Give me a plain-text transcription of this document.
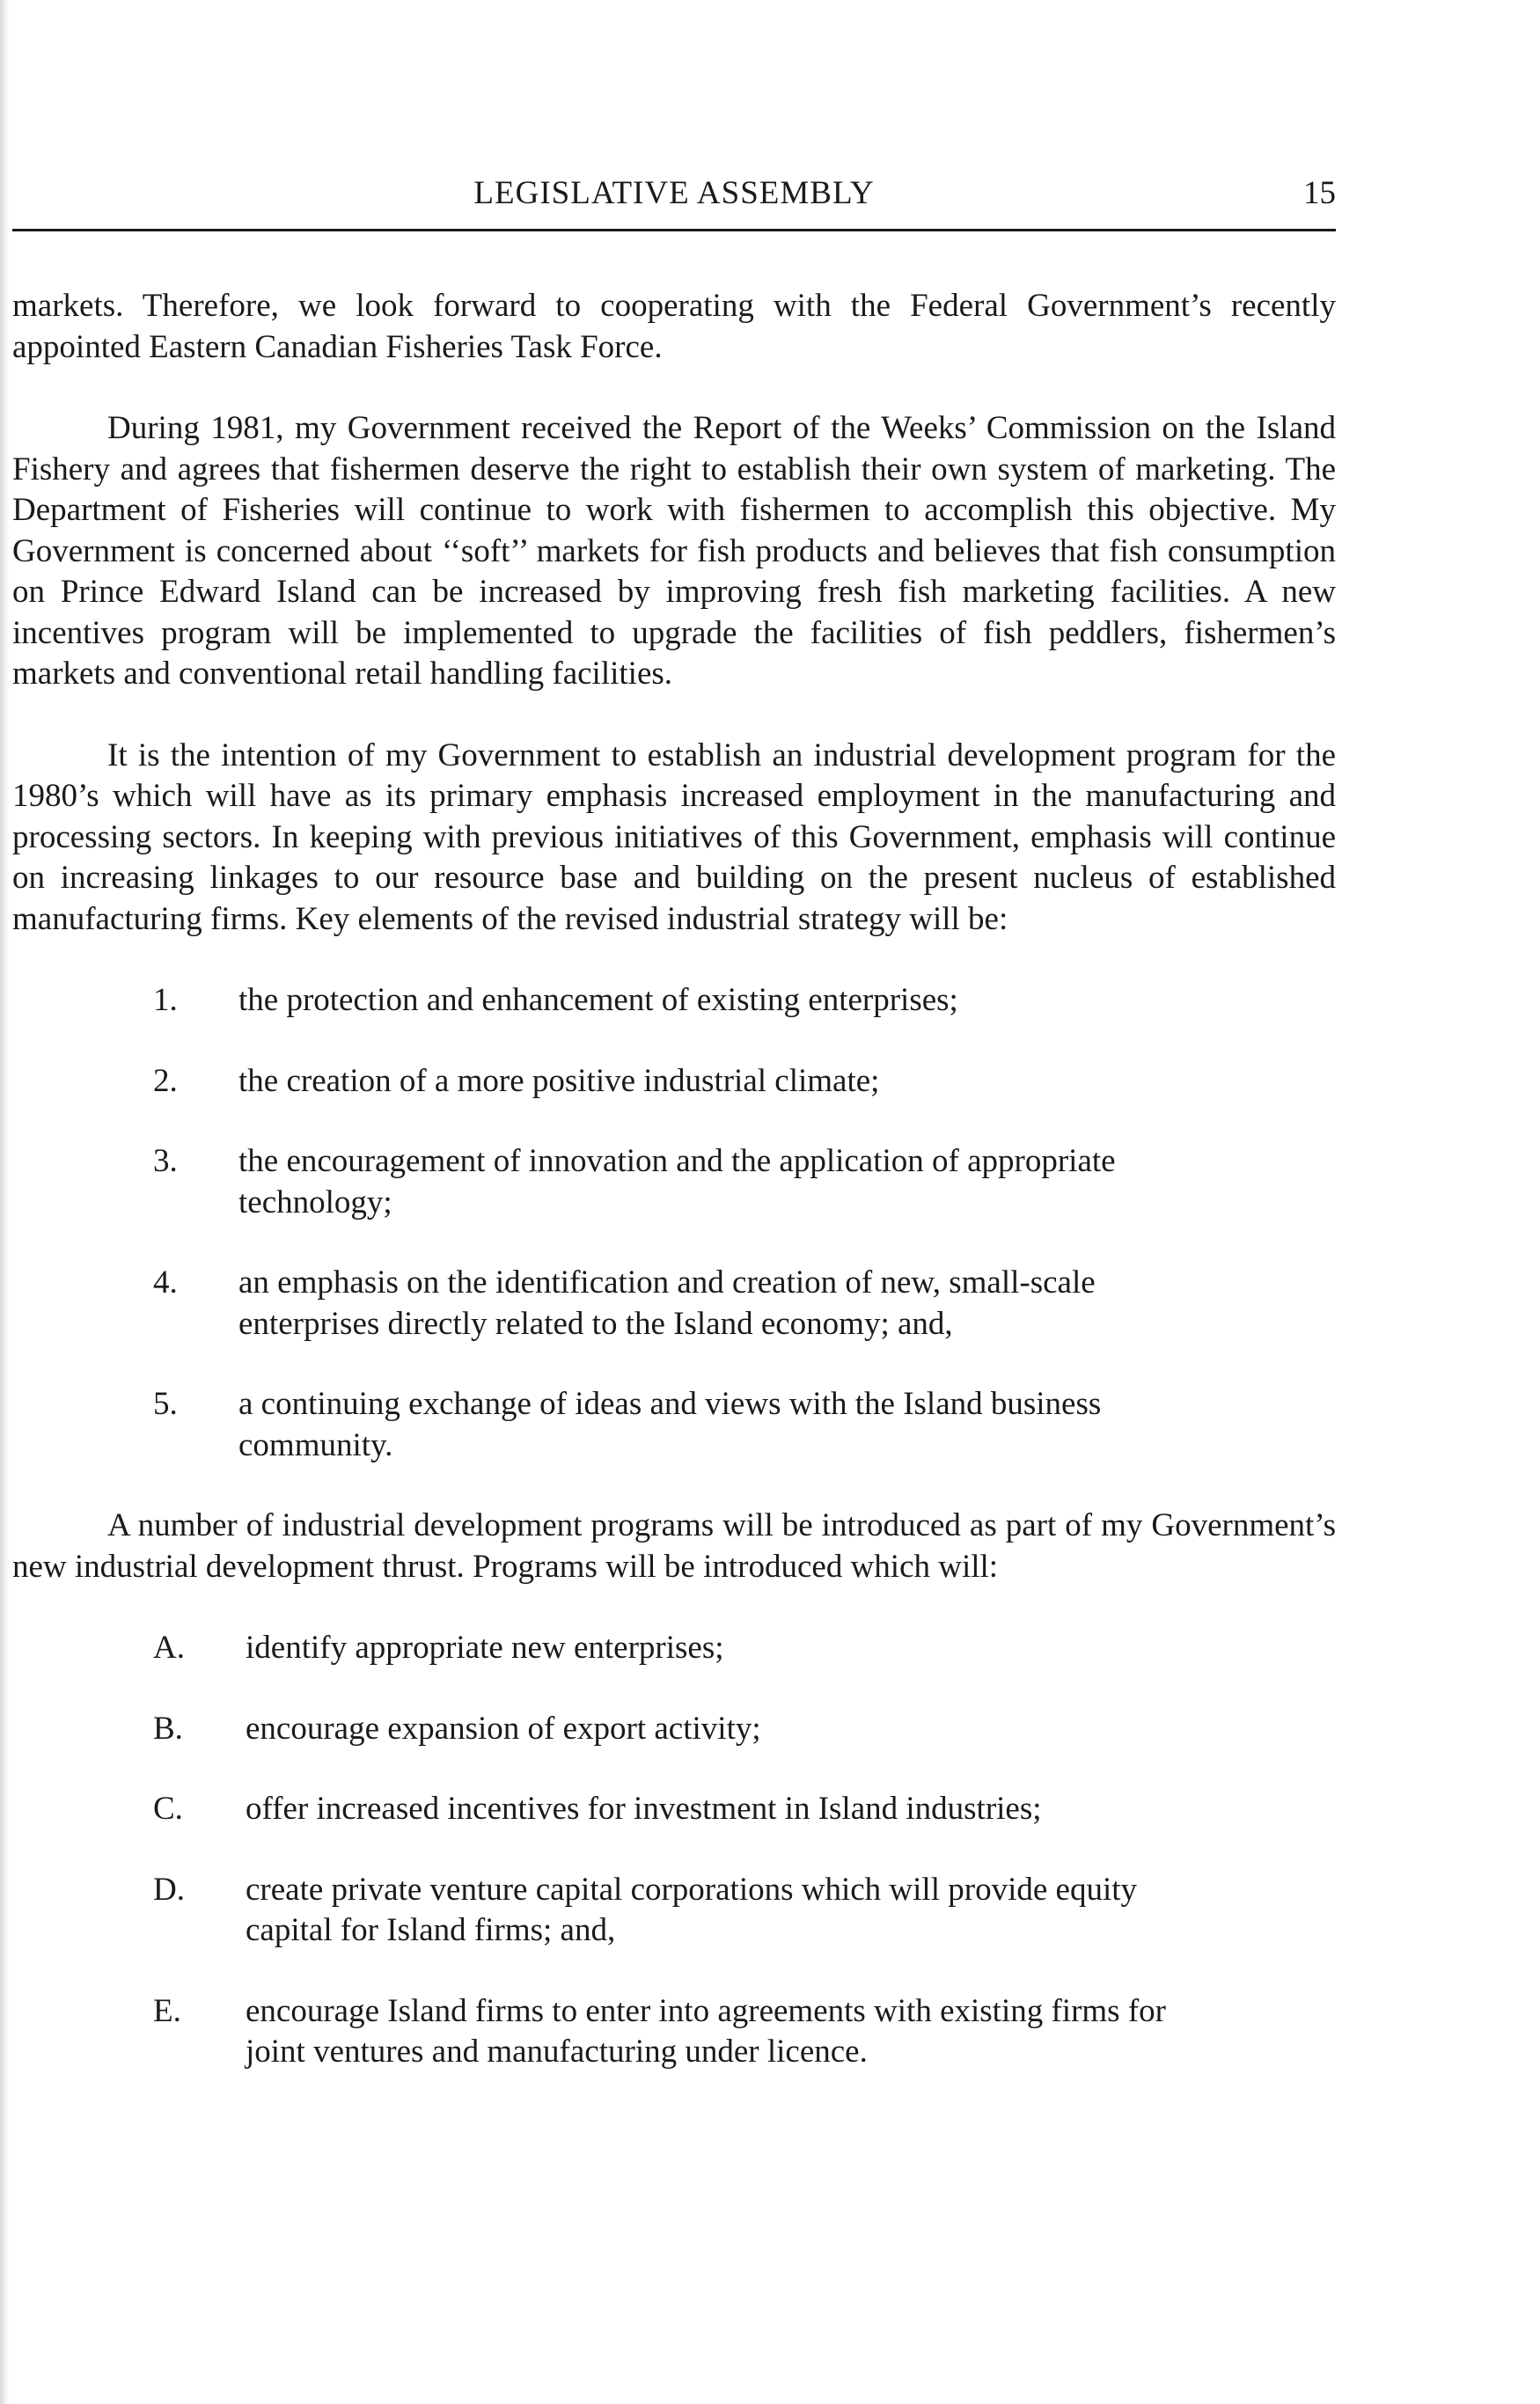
LEGISLATIVE ASSEMBLY	15

markets. Therefore, we look forward to cooperating with the Federal Government’s recently appointed Eastern Canadian Fisheries Task Force.

During 1981, my Government received the Report of the Weeks’ Commission on the Island Fishery and agrees that fishermen deserve the right to establish their own system of marketing. The Department of Fisheries will continue to work with fishermen to accomplish this objective. My Government is concerned about ‘‘soft’’ markets for fish products and believes that fish consumption on Prince Edward Island can be increased by improving fresh fish marketing facilities. A new incentives program will be implemented to upgrade the facilities of fish peddlers, fishermen’s markets and conventional retail handling facilities.

It is the intention of my Government to establish an industrial development program for the 1980’s which will have as its primary emphasis increased employment in the manufacturing and processing sectors. In keeping with previous initiatives of this Government, emphasis will continue on increasing linkages to our resource base and building on the present nucleus of established manufacturing firms. Key elements of the revised industrial strategy will be:

1.	the protection and enhancement of existing enterprises;
2.	the creation of a more positive industrial climate;
3.	the encouragement of innovation and the application of appropriate technology;
4.	an emphasis on the identification and creation of new, small-scale enterprises directly related to the Island economy; and,
5.	a continuing exchange of ideas and views with the Island business community.

A number of industrial development programs will be introduced as part of my Government’s new industrial development thrust. Programs will be introduced which will:

A.	identify appropriate new enterprises;
B.	encourage expansion of export activity;
C.	offer increased incentives for investment in Island industries;
D.	create private venture capital corporations which will provide equity capital for Island firms; and,
E.	encourage Island firms to enter into agreements with existing firms for joint ventures and manufacturing under licence.
